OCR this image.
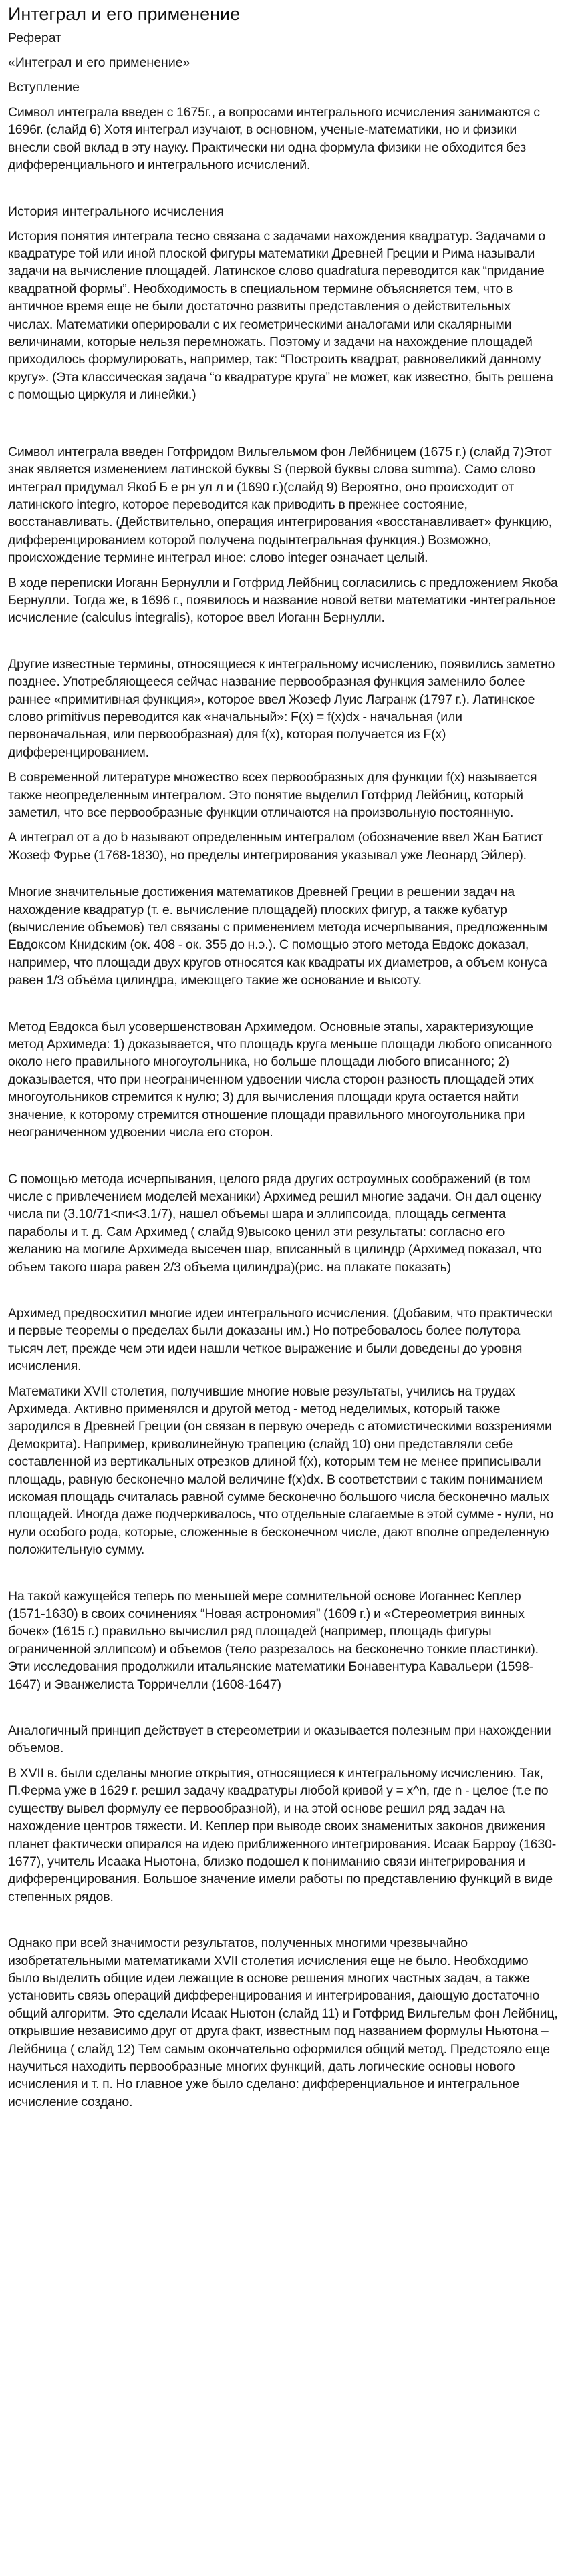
Интеграл и его применение
Реферат
«Интеграл и его применение»
Вступление

Символ интеграла введен с 1675г., а вопросами интегрального исчисления занимаются с 1696г. (слайд 6) Хотя интеграл изучают, в основном, ученые-математики, но и физики внесли свой вклад в эту науку. Практически ни одна формула физики не обходится без дифференциального и интегрального исчислений.

История интегрального исчисления

История понятия интеграла тесно связана с задачами нахождения квадратур. Задачами о квадратуре той или иной плоской фигуры математики Древней Греции и Рима называли задачи на вычисление площадей. Латинское слово quadratura переводится как “придание квадратной формы”. Необходимость в специальном термине объясняется тем, что в античное время еще не были достаточно развиты представления о действительных числах. Математики оперировали с их геометрическими аналогами или скалярными величинами, которые нельзя перемножать. Поэтому и задачи на нахождение площадей приходилось формулировать, например, так: “Построить квадрат, равновеликий данному кругу». (Эта классическая задача “о квадратуре круга” не может, как известно, быть решена с помощью циркуля и линейки.)

Символ интеграла введен Готфридом Вильгельмом фон Лейбницем (1675 г.) (слайд 7)Этот знак является изменением латинской буквы S (первой буквы слова summa). Само слово интеграл придумал Якоб Б е рн ул л и (1690 г.)(слайд 9) Вероятно, оно происходит от латинского integro, которое переводится как приводить в прежнее состояние, восстанавливать. (Действительно, операция интегрирования «восстанавливает» функцию, дифференцированием которой получена подынтегральная функция.) Возможно, происхождение термине интеграл иное: слово integer означает целый.

В ходе переписки Иоганн Бернулли и Готфрид Лейбниц согласились с предложением Якоба Бернулли. Тогда же, в 1696 г., появилось и название новой ветви математики -интегральное исчисление (calculus integralis), которое ввел Иоганн Бернулли.

Другие известные термины, относящиеся к интегральному исчислению, появились заметно позднее. Употребляющееся сейчас название первообразная функция заменило более раннее «примитивная функция», которое ввел Жозеф Луис Лагранж (1797 г.). Латинское слово primitivus переводится как «начальный»: F(x) = f(x)dx - начальная (или первоначальная, или первообразная) для f(x), которая получается из F(x) дифференцированием.

В современной литературе множество всех первообразных для функции f(x) называется также неопределенным интегралом. Это понятие выделил Готфрид Лейбниц, который заметил, что все первообразные функции отличаются на произвольную постоянную.

А интеграл от a до b называют определенным интегралом (обозначение ввел Жан Батист Жозеф Фурье (1768-1830), но пределы интегрирования указывал уже Леонард Эйлер).

Многие значительные достижения математиков Древней Греции в решении задач на нахождение квадратур (т. е. вычисление площадей) плоских фигур, а также кубатур (вычисление объемов) тел связаны с применением метода исчерпывания, предложенным Евдоксом Книдским (ок. 408 - ок. 355 до н.э.). С помощью этого метода Евдокс доказал, например, что площади двух кругов относятся как квадраты их диаметров, а объем конуса равен 1/3 объёма цилиндра, имеющего такие же основание и высоту.

Метод Евдокса был усовершенствован Архимедом. Основные этапы, характеризующие метод Архимеда: 1) доказывается, что площадь круга меньше площади любого описанного около него правильного многоугольника, но больше площади любого вписанного; 2) доказывается, что при неограниченном удвоении числа сторон разность площадей этих многоугольников стремится к нулю; 3) для вычисления площади круга остается найти значение, к которому стремится отношение площади правильного многоугольника при неограниченном удвоении числа его сторон.

С помощью метода исчерпывания, целого ряда других остроумных соображений (в том числе с привлечением моделей механики) Архимед решил многие задачи. Он дал оценку числа пи (3.10/71<пи<3.1/7), нашел объемы шара и эллипсоида, площадь сегмента параболы и т. д. Сам Архимед ( слайд 9)высоко ценил эти результаты: согласно его желанию на могиле Архимеда высечен шар, вписанный в цилиндр (Архимед показал, что объем такого шара равен 2/3 объема цилиндра)(рис. на плакате показать)

Архимед предвосхитил многие идеи интегрального исчисления. (Добавим, что практически и первые теоремы о пределах были доказаны им.) Но потребовалось более полутора тысяч лет, прежде чем эти идеи нашли четкое выражение и были доведены до уровня исчисления.

Математики XVII столетия, получившие многие новые результаты, учились на трудах Архимеда. Активно применялся и другой метод - метод неделимых, который также зародился в Древней Греции (он связан в первую очередь с атомистическими воззрениями Демокрита). Например, криволинейную трапецию (слайд 10) они представляли себе составленной из вертикальных отрезков длиной f(x), которым тем не менее приписывали площадь, равную бесконечно малой величине f(x)dx. В соответствии с таким пониманием искомая площадь считалась равной сумме бесконечно большого числа бесконечно малых площадей. Иногда даже подчеркивалось, что отдельные слагаемые в этой сумме - нули, но нули особого рода, которые, сложенные в бесконечном числе, дают вполне определенную положительную сумму.

На такой кажущейся теперь по меньшей мере сомнительной основе Иоганнес Кеплер (1571-1630) в своих сочинениях “Новая астрономия” (1609 г.) и «Стереометрия винных бочек» (1615 г.) правильно вычислил ряд площадей (например, площадь фигуры ограниченной эллипсом) и объемов (тело разрезалось на бесконечно тонкие пластинки). Эти исследования продолжили итальянские математики Бонавентура Кавальери (1598-1647) и Эванжелиста Торричелли (1608-1647)

Аналогичный принцип действует в стереометрии и оказывается полезным при нахождении объемов.

В XVII в. были сделаны многие открытия, относящиеся к интегральному исчислению. Так, П.Ферма уже в 1629 г. решил задачу квадратуры любой кривой у = х^n, где n - целое (т.е по существу вывел формулу ее первообразной), и на этой основе решил ряд задач на нахождение центров тяжести. И. Кеплер при выводе своих знаменитых законов движения планет фактически опирался на идею приближенного интегрирования. Исаак Барроу (1630-1677), учитель Исаака Ньютона, близко подошел к пониманию связи интегрирования и дифференцирования. Большое значение имели работы по представлению функций в виде степенных рядов.

Однако при всей значимости результатов, полученных многими чрезвычайно изобретательными математиками XVII столетия исчисления еще не было. Необходимо было выделить общие идеи лежащие в основе решения многих частных задач, а также установить связь операций дифференцирования и интегрирования, дающую достаточно общий алгоритм. Это сделали Исаак Ньютон (слайд 11) и Готфрид Вильгельм фон Лейбниц, открывшие независимо друг от друга факт, известным под названием формулы Ньютона – Лейбница ( слайд 12) Тем самым окончательно оформился общий метод. Предстояло еще научиться находить первообразные многих функций, дать логические основы нового исчисления и т. п. Но главное уже было сделано: дифференциальное и интегральное исчисление создано.
